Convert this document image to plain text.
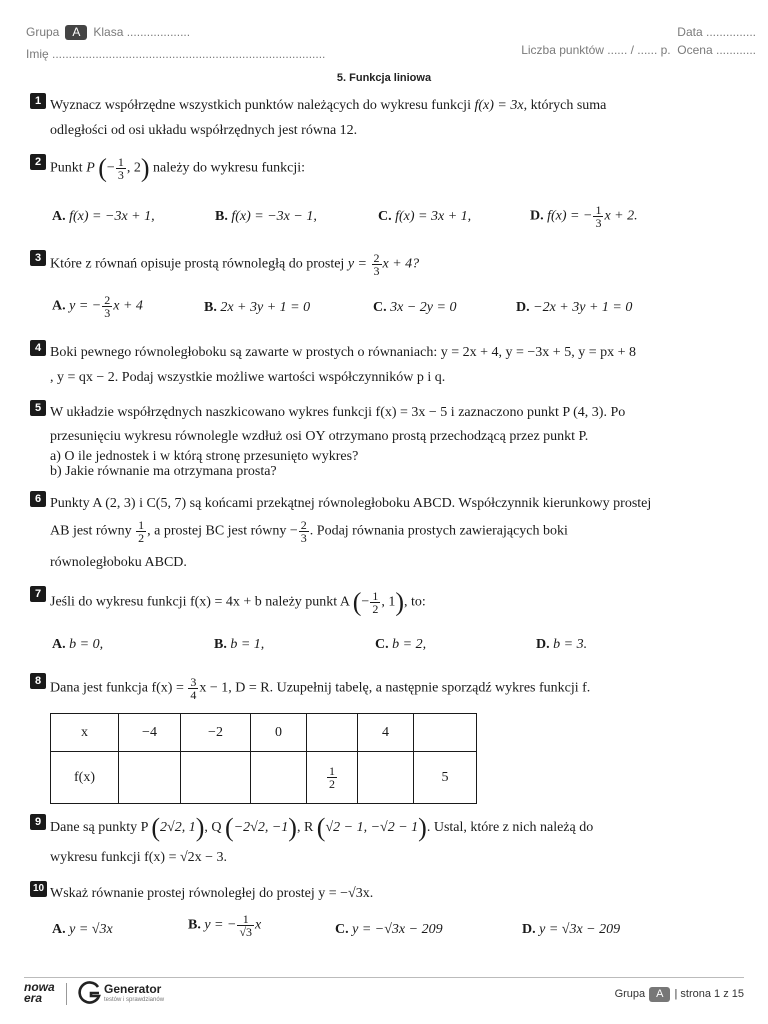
Grupa A Klasa ...................
Imię ..................................................................................
Data ...............
Liczba punktów ...... / ...... p. Ocena ............
5. Funkcja liniowa
1 Wyznacz współrzędne wszystkich punktów należących do wykresu funkcji f(x) = 3x, których suma
odległości od osi układu współrzędnych jest równa 12.
2 Punkt P (− $\frac{1}{3}$ , 2) należy do wykresu funkcji:
A. f(x) = −3x + 1,	B. f(x) = −3x − 1,	C. f(x) = 3x + 1,	D. f(x) = − $\frac{1}{3}$ x + 2.
3 Które z równań opisuje prostą równoległą do prostej $y = \frac{2}{3}$ x + 4?
A. y = − $\frac{2}{3}$ x + 4	B. 2x + 3y + 1 = 0	C. 3x − 2y = 0	D. −2x + 3y + 1 = 0
4 Boki pewnego równoległoboku są zawarte w prostych o równaniach: y = 2x + 4, y = −3x + 5, y = px + 8
, y = qx − 2. Podaj wszystkie możliwe wartości współczynników p i q.
5 W układzie współrzędnych naszkicowano wykres funkcji f(x) = 3x − 5 i zaznaczono punkt P (4, 3). Po
przesunięciu wykresu równolegle wzdłuż osi OY otrzymano prostą przechodzącą przez punkt P.
a) O ile jednostek i w którą stronę przesunięto wykres?
b) Jakie równanie ma otrzymana prosta?
6 Punkty A (2, 3) i C(5, 7) są końcami przekątnej równoległoboku ABCD. Współczynnik kierunkowy prostej
AB jest równy $\frac{1}{2}$ , a prostej BC jest równy − $\frac{2}{3}$ . Podaj równania prostych zawierających boki
równoległoboku ABCD.
7
Jeśli do wykresu funkcji f(x) = 4x + b należy punkt A (− $\frac{1}{2}$ , 1), to:
A. b = 0,	B. b = 1,	C. b = 2,	D. b = 3.
8 Dana jest funkcja $f(x) = \frac{3}{4}$ x − 1, D = R. Uzupełnij tabelę, a następnie sporządź wykres funkcji f.
x	−4	−2	0		4	
f(x)				$\frac{1}{2}$		5
9 Dane są punkty P (2√2, 1), Q (−2√2, −1), R (√2 − 1, −√2 − 1). Ustal, które z nich należą do
wykresu funkcji f(x) = √2x − 3.
10 Wskaż równanie prostej równoległej do prostej y = −√3x.
A. y = √3x	B. y = − $\frac{1}{√3}$ x	C. y = −√3x − 209	D. y = √3x − 209
nowa era
Generator
testów i sprawdzianów	Grupa A | strona 1 z 15
